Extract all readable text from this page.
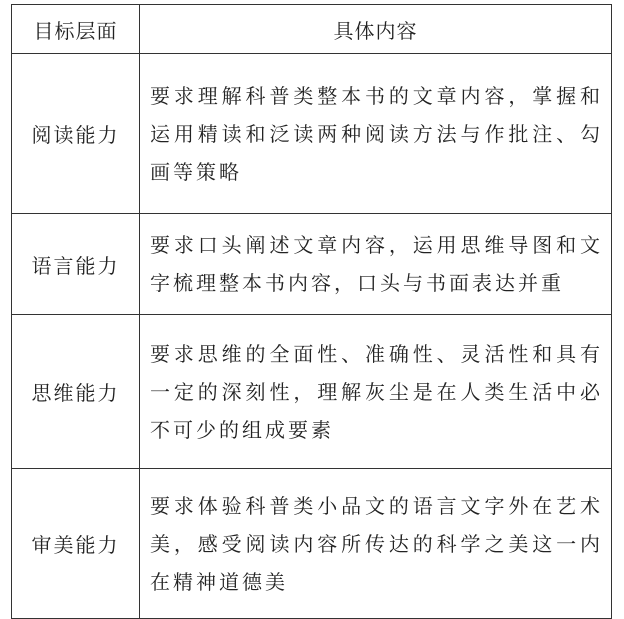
目标层面	具体内容
阅读能力	要求理解科普类整本书的文章内容，掌握和运用精读和泛读两种阅读方法与作批注、勾画等策略
语言能力	要求口头阐述文章内容，运用思维导图和文字梳理整本书内容，口头与书面表达并重
思维能力	要求思维的全面性、准确性、灵活性和具有一定的深刻性，理解灰尘是在人类生活中必不可少的组成要素
审美能力	要求体验科普类小品文的语言文字外在艺术美，感受阅读内容所传达的科学之美这一内在精神道德美
